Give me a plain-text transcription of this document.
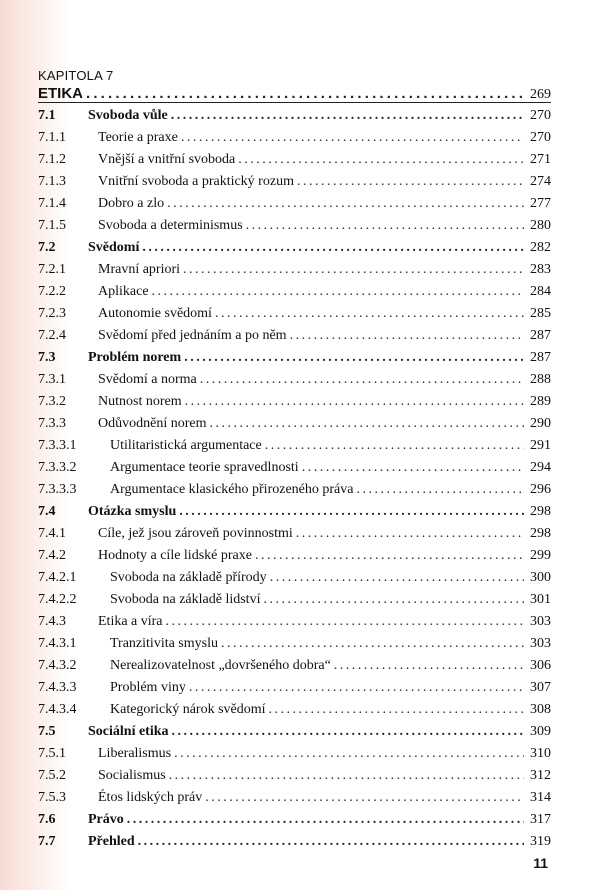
KAPITOLA 7
ETIKA . . .	269
7.1	Svoboda vůle . . .	270
7.1.1	Teorie a praxe . . .	270
7.1.2	Vnější a vnitřní svoboda . . .	271
7.1.3	Vnitřní svoboda a praktický rozum . . .	274
7.1.4	Dobro a zlo . . .	277
7.1.5	Svoboda a determinismus . . .	280
7.2	Svědomí . . .	282
7.2.1	Mravní apriori . . .	283
7.2.2	Aplikace . . .	284
7.2.3	Autonomie svědomí . . .	285
7.2.4	Svědomí před jednáním a po něm . . .	287
7.3	Problém norem . . .	287
7.3.1	Svědomí a norma . . .	288
7.3.2	Nutnost norem . . .	289
7.3.3	Odůvodnění norem . . .	290
7.3.3.1	Utilitaristická argumentace . . .	291
7.3.3.2	Argumentace teorie spravedlnosti . . .	294
7.3.3.3	Argumentace klasického přirozeného práva . . .	296
7.4	Otázka smyslu . . .	298
7.4.1	Cíle, jež jsou zároveň povinnostmi . . .	298
7.4.2	Hodnoty a cíle lidské praxe . . .	299
7.4.2.1	Svoboda na základě přírody . . .	300
7.4.2.2	Svoboda na základě lidství . . .	301
7.4.3	Etika a víra . . .	303
7.4.3.1	Tranzitivita smyslu . . .	303
7.4.3.2	Nerealizovatelnost „dovršeného dobra“ . . .	306
7.4.3.3	Problém viny . . .	307
7.4.3.4	Kategorický nárok svědomí . . .	308
7.5	Sociální etika . . .	309
7.5.1	Liberalismus . . .	310
7.5.2	Socialismus . . .	312
7.5.3	Étos lidských práv . . .	314
7.6	Právo . . .	317
7.7	Přehled . . .	319
11
